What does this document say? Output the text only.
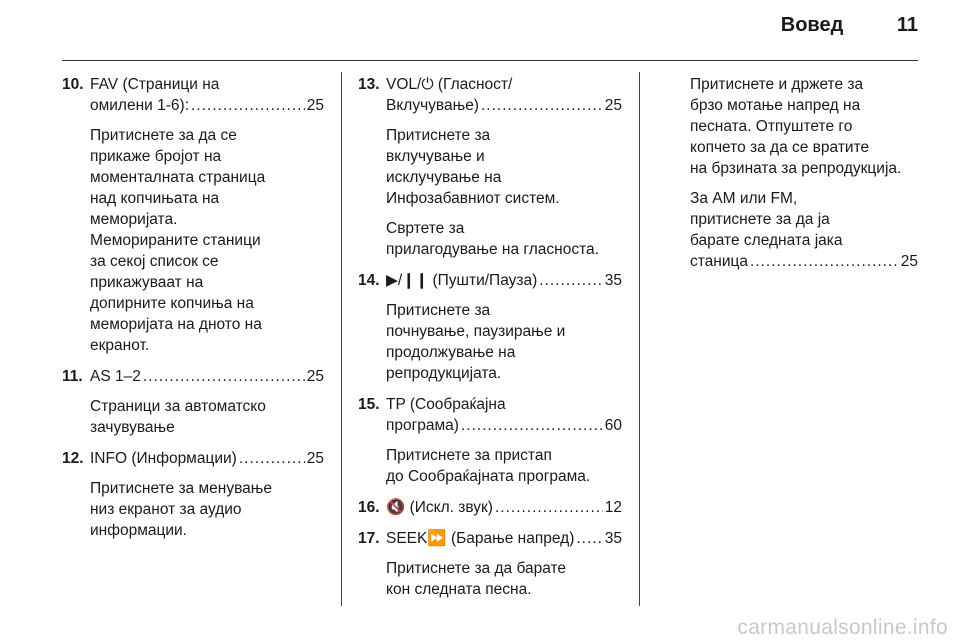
Вовед	11
10. FAV (Страници на
омилени 1-6): .....	25
Притиснете за да се
прикаже бројот на
моменталната страница
над копчињата на
меморијата.
Меморираните станици
за секој список се
прикажуваат на
допирните копчиња на
меморијата на дното на
екранот.
11. AS 1–2 .....	25
Страници за автоматско
зачувување
12. INFO (Информации) .....	25
Притиснете за менување
низ екранот за аудио
информации.
13. VOL/⏻ (Гласност/
Вклучување) .....	25
Притиснете за
вклучување и
исклучување на
Инфозабавниот систем.
Свртете за
прилагодување на гласноста.
14. ▶/❙❙ (Пушти/Пауза) .....	35
Притиснете за
почнување, паузирање и
продолжување на
репродукцијата.
15. TP (Сообраќајна
програма) .....	60
Притиснете за пристап
до Сообраќајната програма.
16. 🔇 (Искл. звук) .....	12
17. SEEK⏩ (Барање напред) ..... 35
Притиснете за да барате
кон следната песна.
Притиснете и држете за
брзо мотање напред на
песната. Отпуштете го
копчето за да се вратите
на брзината за репродукција.
За АМ или FM,
притиснете за да ја
барате следната јака
станица .....	25
carmanualsonline.info
